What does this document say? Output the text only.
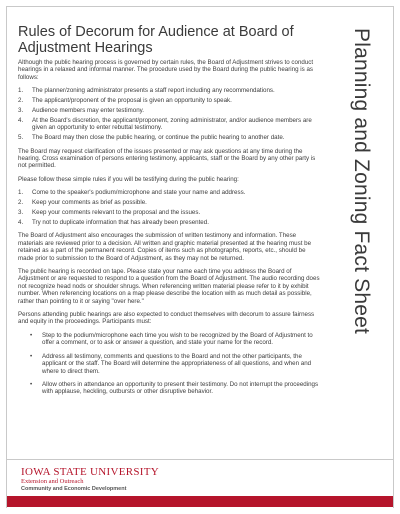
Rules of Decorum for Audience at Board of Adjustment Hearings

Although the public hearing process is governed by certain rules, the Board of Adjustment strives to conduct hearings in a relaxed and informal manner. The procedure used by the Board during the public hearing is as follows:

1. The planner/zoning administrator presents a staff report including any recommendations.
2. The applicant/proponent of the proposal is given an opportunity to speak.
3. Audience members may enter testimony.
4. At the Board's discretion, the applicant/proponent, zoning administrator, and/or audience members are given an opportunity to enter rebuttal testimony.
5. The Board may then close the public hearing, or continue the public hearing to another date.

The Board may request clarification of the issues presented or may ask questions at any time during the hearing. Cross examination of persons entering testimony, applicants, staff or the Board by any other party is not permitted.

Please follow these simple rules if you will be testifying during the public hearing:

1. Come to the speaker's podium/microphone and state your name and address.
2. Keep your comments as brief as possible.
3. Keep your comments relevant to the proposal and the issues.
4. Try not to duplicate information that has already been presented.

The Board of Adjustment also encourages the submission of written testimony and information. These materials are reviewed prior to a decision. All written and graphic material presented at the hearing must be retained as a part of the permanent record. Copies of items such as photographs, reports, etc., should be made prior to submission to the Board of Adjustment, as they may not be returned.

The public hearing is recorded on tape. Please state your name each time you address the Board of Adjustment or are requested to respond to a question from the Board of Adjustment. The audio recording does not recognize head nods or shoulder shrugs. When referencing written material please refer to it by exhibit number. When referencing locations on a map please describe the location with as much detail as possible, rather than pointing to it or saying "over here."

Persons attending public hearings are also expected to conduct themselves with decorum to assure fairness and equity in the proceedings. Participants must:

• Step to the podium/microphone each time you wish to be recognized by the Board of Adjustment to offer a comment, or to ask or answer a question, and state your name for the record.
• Address all testimony, comments and questions to the Board and not the other participants, the applicant or the staff. The Board will determine the appropriateness of all questions, and when and where to direct them.
• Allow others in attendance an opportunity to present their testimony. Do not interrupt the proceedings with applause, heckling, outbursts or other disruptive behavior.
Planning and Zoning Fact Sheet
IOWA STATE UNIVERSITY
Extension and Outreach
Community and Economic Development
